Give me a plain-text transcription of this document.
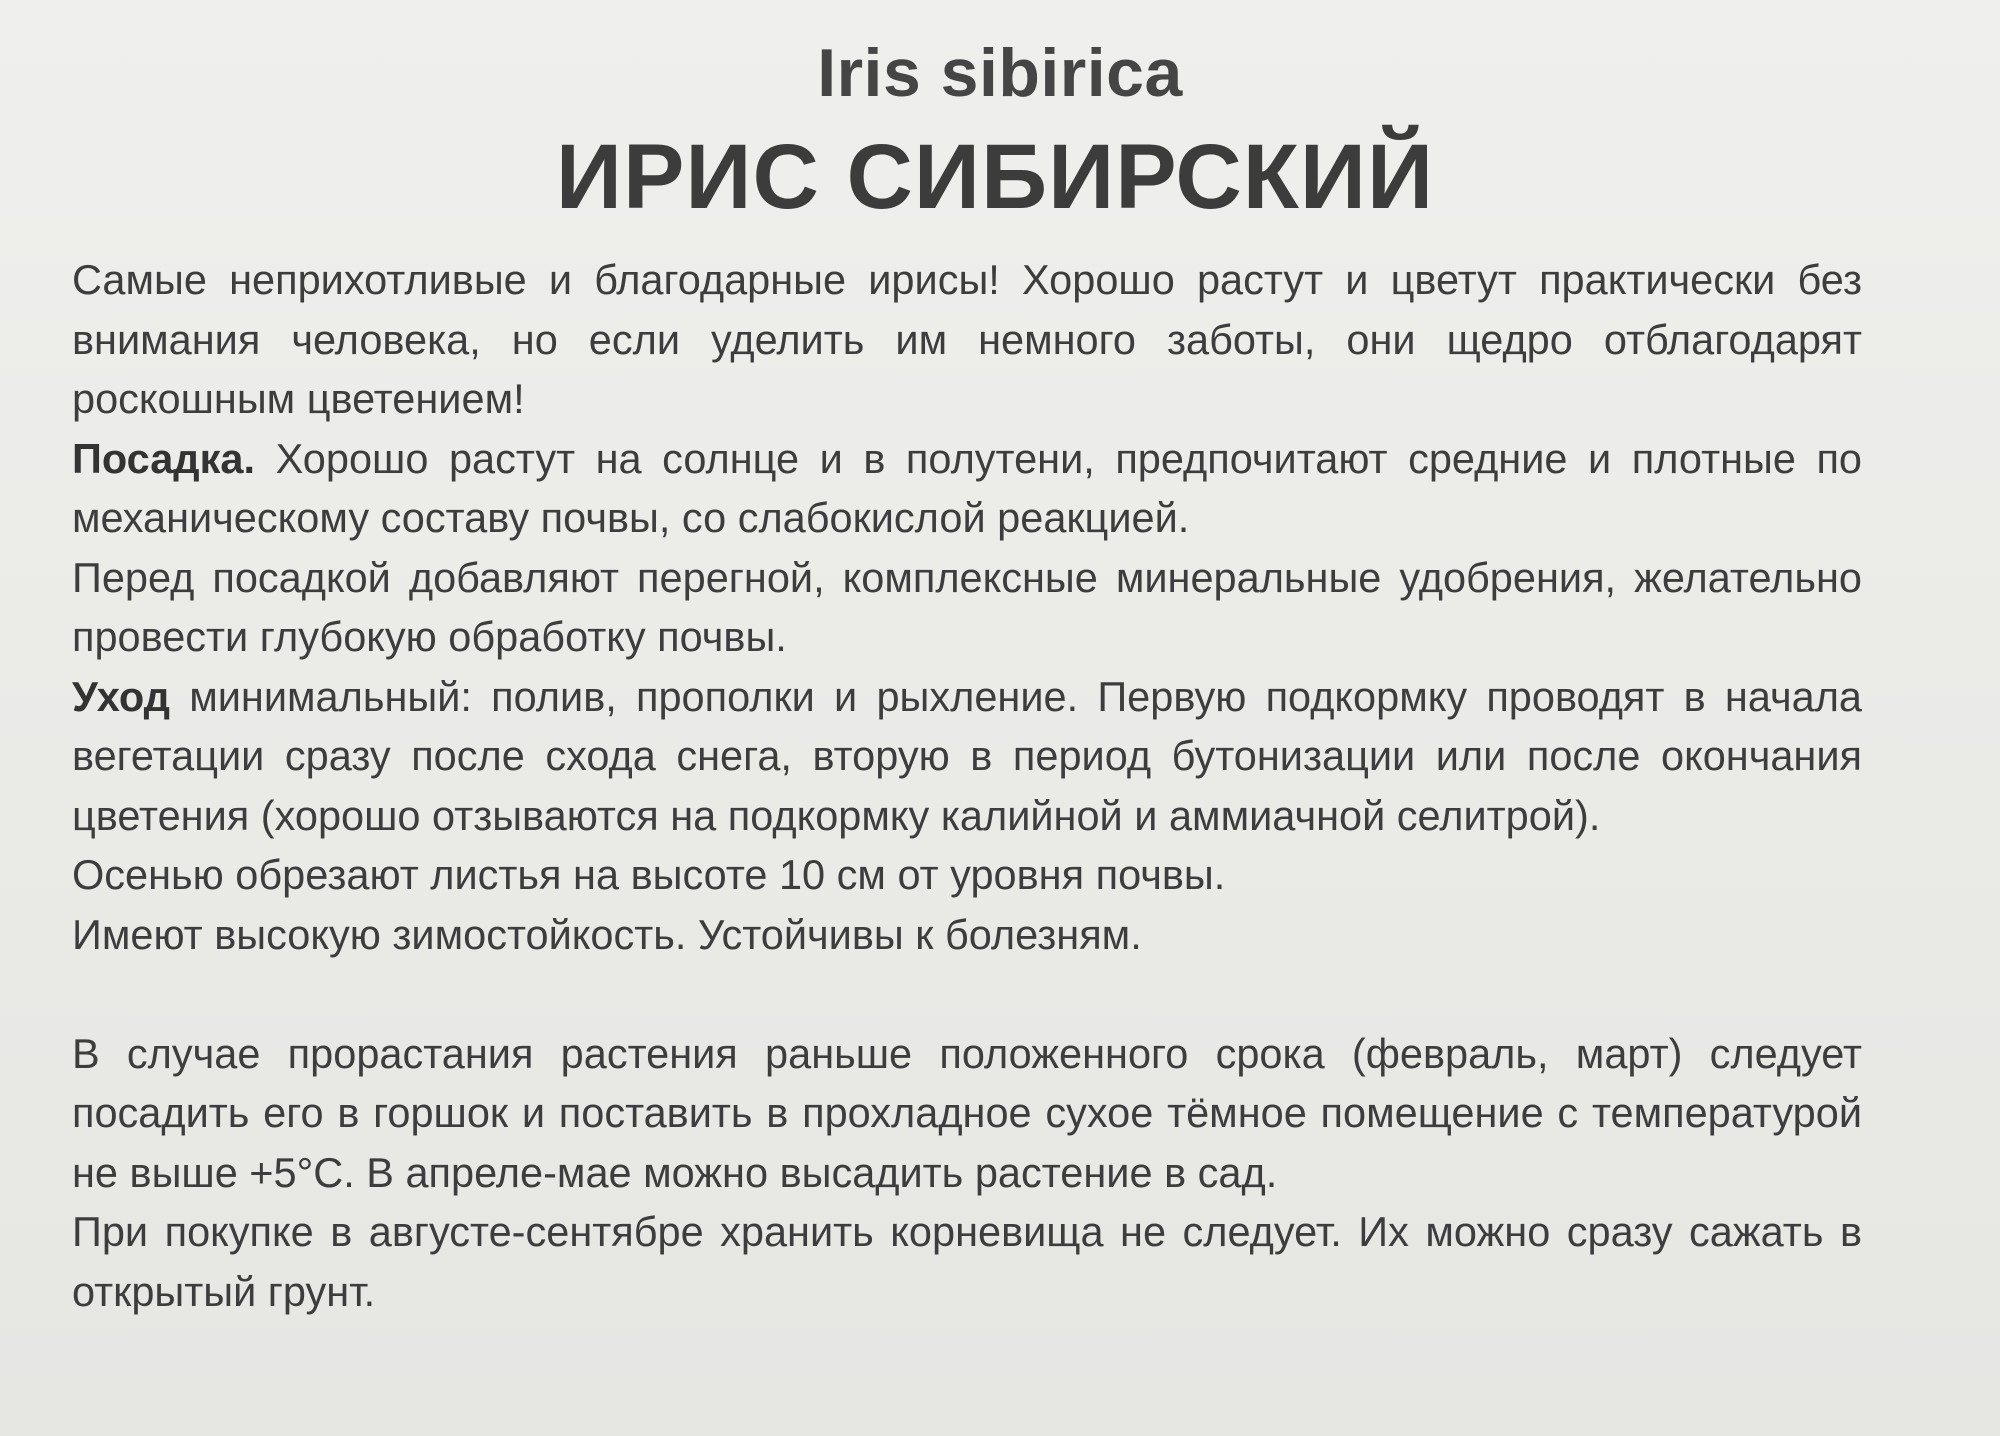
Iris sibirica
ИРИС СИБИРСКИЙ

Самые неприхотливые и благодарные ирисы! Хорошо растут и цветут практически без внимания человека, но если уделить им немного заботы, они щедро отблагодарят роскошным цветением!

Посадка. Хорошо растут на солнце и в полутени, предпочитают средние и плотные по механическому составу почвы, со слабокислой реакцией.

Перед посадкой добавляют перегной, комплексные минеральные удобрения, желательно провести глубокую обработку почвы.

Уход минимальный: полив, прополки и рыхление. Первую подкормку проводят в начала вегетации сразу после схода снега, вторую в период бутонизации или после окончания цветения (хорошо отзываются на подкормку калийной и аммиачной селитрой).

Осенью обрезают листья на высоте 10 см от уровня почвы.

Имеют высокую зимостойкость. Устойчивы к болезням.

В случае прорастания растения раньше положенного срока (февраль, март) следует посадить его в горшок и поставить в прохладное сухое тёмное помещение с температурой не выше +5°С. В апреле-мае можно высадить растение в сад.

При покупке в августе-сентябре хранить корневища не следует. Их можно сразу сажать в открытый грунт.
